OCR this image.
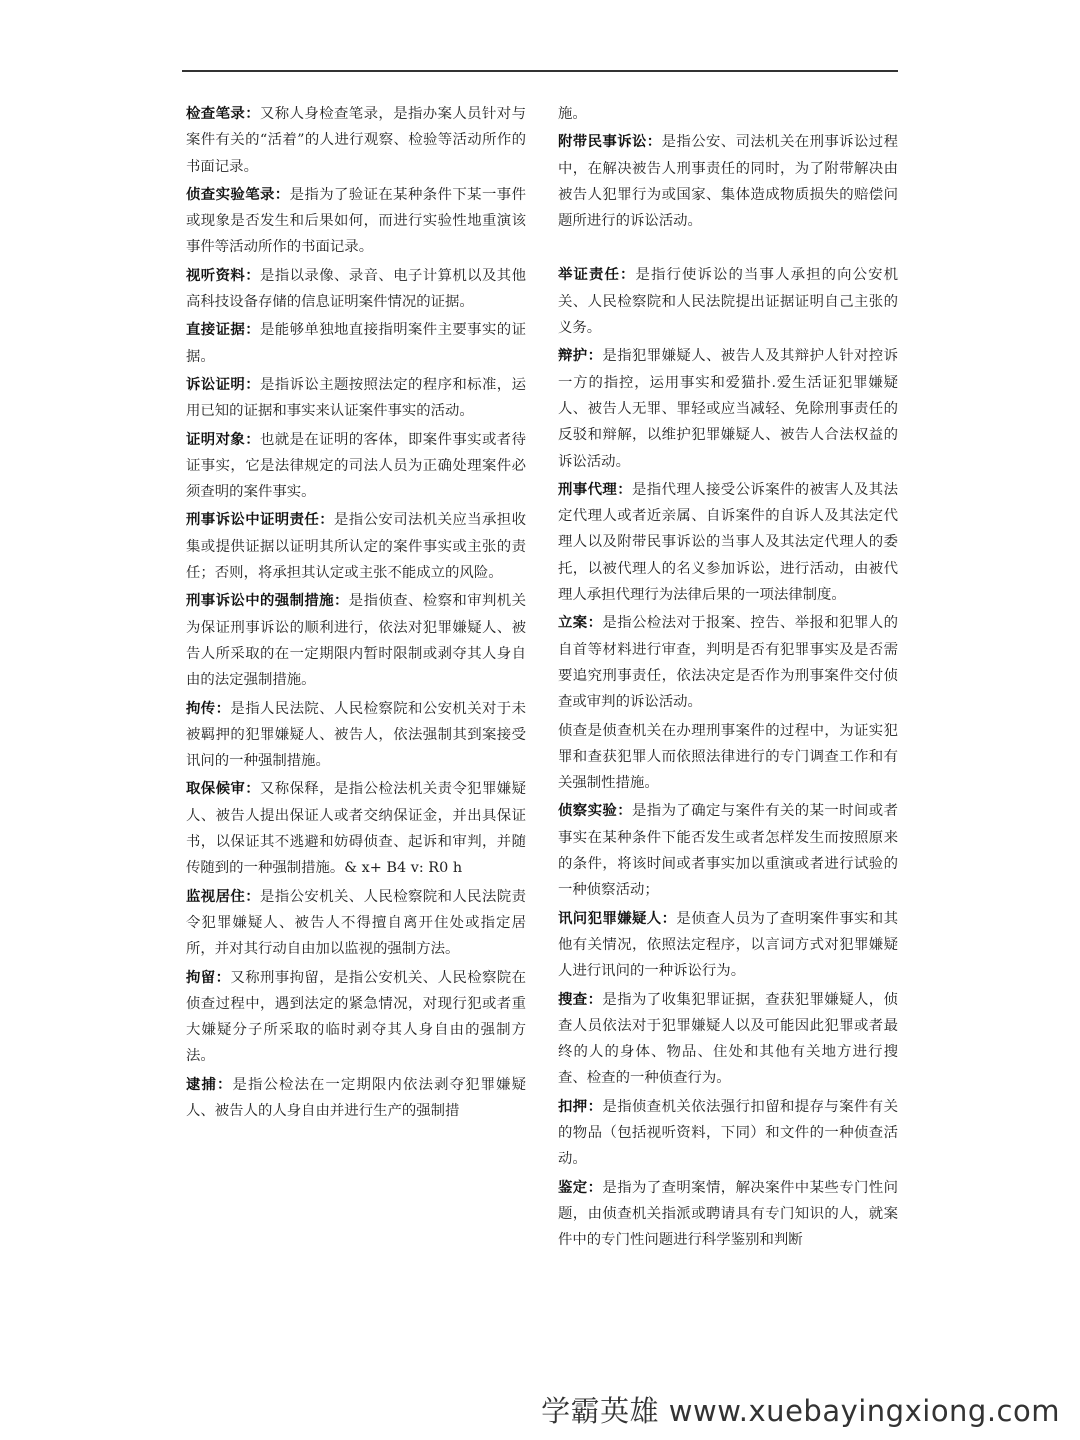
检查笔录：又称人身检查笔录，是指办案人员针对与案件有关的“活着”的人进行观察、检验等活动所作的书面记录。

侦查实验笔录：是指为了验证在某种条件下某一事件或现象是否发生和后果如何，而进行实验性地重演该事件等活动所作的书面记录。

视听资料：是指以录像、录音、电子计算机以及其他高科技设备存储的信息证明案件情况的证据。

直接证据：是能够单独地直接指明案件主要事实的证据。

诉讼证明：是指诉讼主题按照法定的程序和标准，运用已知的证据和事实来认证案件事实的活动。

证明对象：也就是在证明的客体，即案件事实或者待证事实，它是法律规定的司法人员为正确处理案件必须查明的案件事实。

刑事诉讼中证明责任：是指公安司法机关应当承担收集或提供证据以证明其所认定的案件事实或主张的责任；否则，将承担其认定或主张不能成立的风险。

刑事诉讼中的强制措施：是指侦查、检察和审判机关为保证刑事诉讼的顺利进行，依法对犯罪嫌疑人、被告人所采取的在一定期限内暂时限制或剥夺其人身自由的法定强制措施。

拘传：是指人民法院、人民检察院和公安机关对于未被羁押的犯罪嫌疑人、被告人，依法强制其到案接受讯问的一种强制措施。

取保候审：又称保释，是指公检法机关责令犯罪嫌疑人、被告人提出保证人或者交纳保证金，并出具保证书，以保证其不逃避和妨碍侦查、起诉和审判，并随传随到的一种强制措施。& x+ B4 v: R0 h

监视居住：是指公安机关、人民检察院和人民法院责令犯罪嫌疑人、被告人不得擅自离开住处或指定居所，并对其行动自由加以监视的强制方法。

拘留：又称刑事拘留，是指公安机关、人民检察院在侦查过程中，遇到法定的紧急情况，对现行犯或者重大嫌疑分子所采取的临时剥夺其人身自由的强制方法。

逮捕：是指公检法在一定期限内依法剥夺犯罪嫌疑人、被告人的人身自由并进行生产的强制措

施。

附带民事诉讼：是指公安、司法机关在刑事诉讼过程中，在解决被告人刑事责任的同时，为了附带解决由被告人犯罪行为或国家、集体造成物质损失的赔偿问题所进行的诉讼活动。

举证责任：是指行使诉讼的当事人承担的向公安机关、人民检察院和人民法院提出证据证明自己主张的义务。

辩护：是指犯罪嫌疑人、被告人及其辩护人针对控诉一方的指控，运用事实和爱猫扑.爱生活证犯罪嫌疑人、被告人无罪、罪轻或应当减轻、免除刑事责任的反驳和辩解，以维护犯罪嫌疑人、被告人合法权益的诉讼活动。

刑事代理：是指代理人接受公诉案件的被害人及其法定代理人或者近亲属、自诉案件的自诉人及其法定代理人以及附带民事诉讼的当事人及其法定代理人的委托，以被代理人的名义参加诉讼，进行活动，由被代理人承担代理行为法律后果的一项法律制度。

立案：是指公检法对于报案、控告、举报和犯罪人的自首等材料进行审查，判明是否有犯罪事实及是否需要追究刑事责任，依法决定是否作为刑事案件交付侦查或审判的诉讼活动。

侦查是侦查机关在办理刑事案件的过程中，为证实犯罪和查获犯罪人而依照法律进行的专门调查工作和有关强制性措施。

侦察实验：是指为了确定与案件有关的某一时间或者事实在某种条件下能否发生或者怎样发生而按照原来的条件，将该时间或者事实加以重演或者进行试验的一种侦察活动；

讯问犯罪嫌疑人：是侦查人员为了查明案件事实和其他有关情况，依照法定程序，以言词方式对犯罪嫌疑人进行讯问的一种诉讼行为。

搜查：是指为了收集犯罪证据，查获犯罪嫌疑人，侦查人员依法对于犯罪嫌疑人以及可能因此犯罪或者最终的人的身体、物品、住处和其他有关地方进行搜查、检查的一种侦查行为。

扣押：是指侦查机关依法强行扣留和提存与案件有关的物品（包括视听资料，下同）和文件的一种侦查活动。

鉴定：是指为了查明案情，解决案件中某些专门性问题，由侦查机关指派或聘请具有专门知识的人，就案件中的专门性问题进行科学鉴别和判断

学霸英雄 www.xuebayingxiong.com
